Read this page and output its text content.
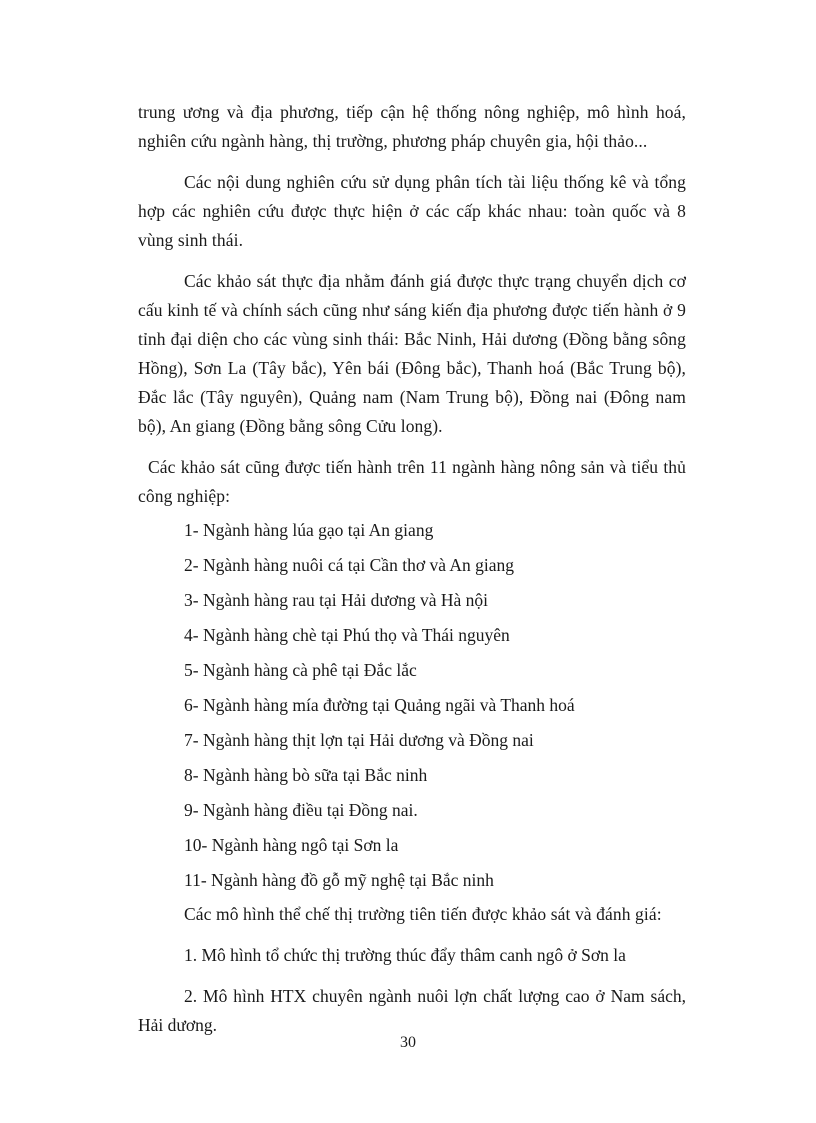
trung ương và địa phương, tiếp cận hệ thống nông nghiệp, mô hình hoá, nghiên cứu ngành hàng, thị trường, phương pháp chuyên gia, hội thảo...

Các nội dung nghiên cứu sử dụng phân tích tài liệu thống kê và tổng hợp các nghiên cứu được thực hiện ở các cấp khác nhau: toàn quốc và 8 vùng sinh thái.

Các khảo sát thực địa nhằm đánh giá được thực trạng chuyển dịch cơ cấu kinh tế và chính sách cũng như sáng kiến địa phương được tiến hành ở 9 tỉnh đại diện cho các vùng sinh thái: Bắc Ninh, Hải dương (Đồng bằng sông Hồng), Sơn La (Tây bắc), Yên bái (Đông bắc), Thanh hoá (Bắc Trung bộ), Đắc lắc (Tây nguyên), Quảng nam (Nam Trung bộ), Đồng nai (Đông nam bộ), An giang (Đồng bằng sông Cửu long).

Các khảo sát cũng được tiến hành trên 11 ngành hàng nông sản và tiểu thủ công nghiệp:

1- Ngành hàng lúa gạo tại An giang
2- Ngành hàng nuôi cá tại Cần thơ và An giang
3- Ngành hàng rau tại Hải dương và Hà nội
4- Ngành hàng chè tại Phú thọ và Thái nguyên
5- Ngành hàng cà phê tại Đắc lắc
6- Ngành hàng mía đường tại Quảng ngãi và Thanh hoá
7- Ngành hàng thịt lợn tại Hải dương và Đồng nai
8- Ngành hàng bò sữa tại Bắc ninh
9- Ngành hàng điều tại Đồng nai.
10- Ngành hàng ngô tại Sơn la
11- Ngành hàng đồ gỗ mỹ nghệ tại Bắc ninh

Các mô hình thể chế thị trường tiên tiến được khảo sát và đánh giá:

1. Mô hình tổ chức thị trường thúc đẩy thâm canh ngô ở Sơn la
2. Mô hình HTX chuyên ngành nuôi lợn chất lượng cao ở Nam sách, Hải dương.
30
